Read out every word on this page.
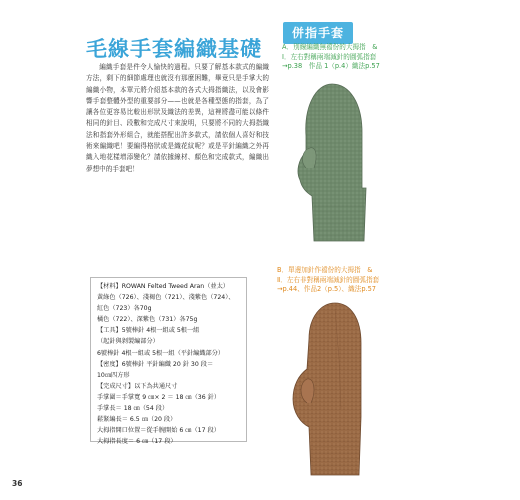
毛線手套編織基礎
編織手套是件令人愉快的過程。只要了解基本款式的編織方法，剩下的細節處理也就沒有那麼困難，畢竟只是手掌大的編織小物，本單元將介紹基本款的各式大拇指織法，以及會影響手套整體外型的重要部分——也就是各種型態的指套，為了讓各位更容易比較出形狀及織法的差異，這裡將盡可能以條件相同的針目、段數和完成尺寸來說明，只要將不同的大拇指織法和指套外形組合，就能搭配出許多款式，請依個人喜好和技術來編織吧！要編得格狀或是織花紋呢？或是平針編織之外再織入地花樣增添變化？請依據線材、顏色和完成款式，編織出夢想中的手套吧！
併指手套
A．別線編織無襠份的大拇指　&
Ⅰ．左右對稱兩端減針的圓弧指套
→p.38　作品 1（p.4）織法p.57
B．單邊加針作襠份的大拇指　&
Ⅱ．左右非對稱兩端減針的圓弧指套
→p.44、作品2（p.5）、織法p.57
【材料】ROWAN Felted Tweed Aran（並太）
黃綠色（726）、淺褐色（721）、淺紫色（724）、
紅色（723）各70g
橘色（722）、深紫色（731）各75g
【工具】5號棒針 4根一組或 5根一組
（起針與剝製編部分）
6號棒針 4根一組或 5根一組（平針編織部分）
【密度】6號棒針 平針編織 20 針 30 段＝
10㎝四方形
【完成尺寸】以下為共通尺寸
手掌圍＝手掌寬 9 ㎝× 2 ＝ 18 ㎝（36 針）
手掌長＝ 18 ㎝（54 段）
鬆緊編長＝ 6.5 ㎝（20 段）
大拇指開口位置＝從手腕開始 6 ㎝（17 段）
大拇指長度＝ 6 ㎝（17 段）
36
